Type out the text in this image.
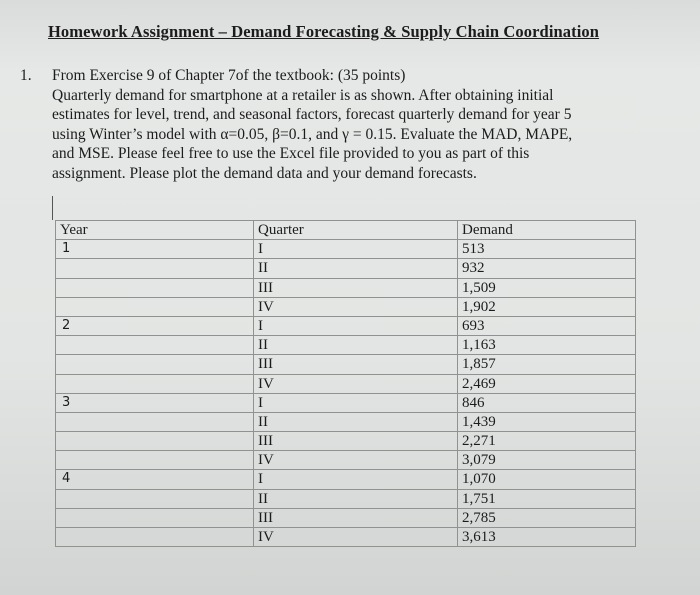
Homework Assignment – Demand Forecasting & Supply Chain Coordination
1. From Exercise 9 of Chapter 7of the textbook: (35 points)
Quarterly demand for smartphone at a retailer is as shown. After obtaining initial
estimates for level, trend, and seasonal factors, forecast quarterly demand for year 5
using Winter’s model with α=0.05, β=0.1, and γ = 0.15. Evaluate the MAD, MAPE,
and MSE. Please feel free to use the Excel file provided to you as part of this
assignment. Please plot the demand data and your demand forecasts.
Year	Quarter	Demand
1	I	513
	II	932
	III	1,509
	IV	1,902
2	I	693
	II	1,163
	III	1,857
	IV	2,469
3	I	846
	II	1,439
	III	2,271
	IV	3,079
4	I	1,070
	II	1,751
	III	2,785
	IV	3,613
